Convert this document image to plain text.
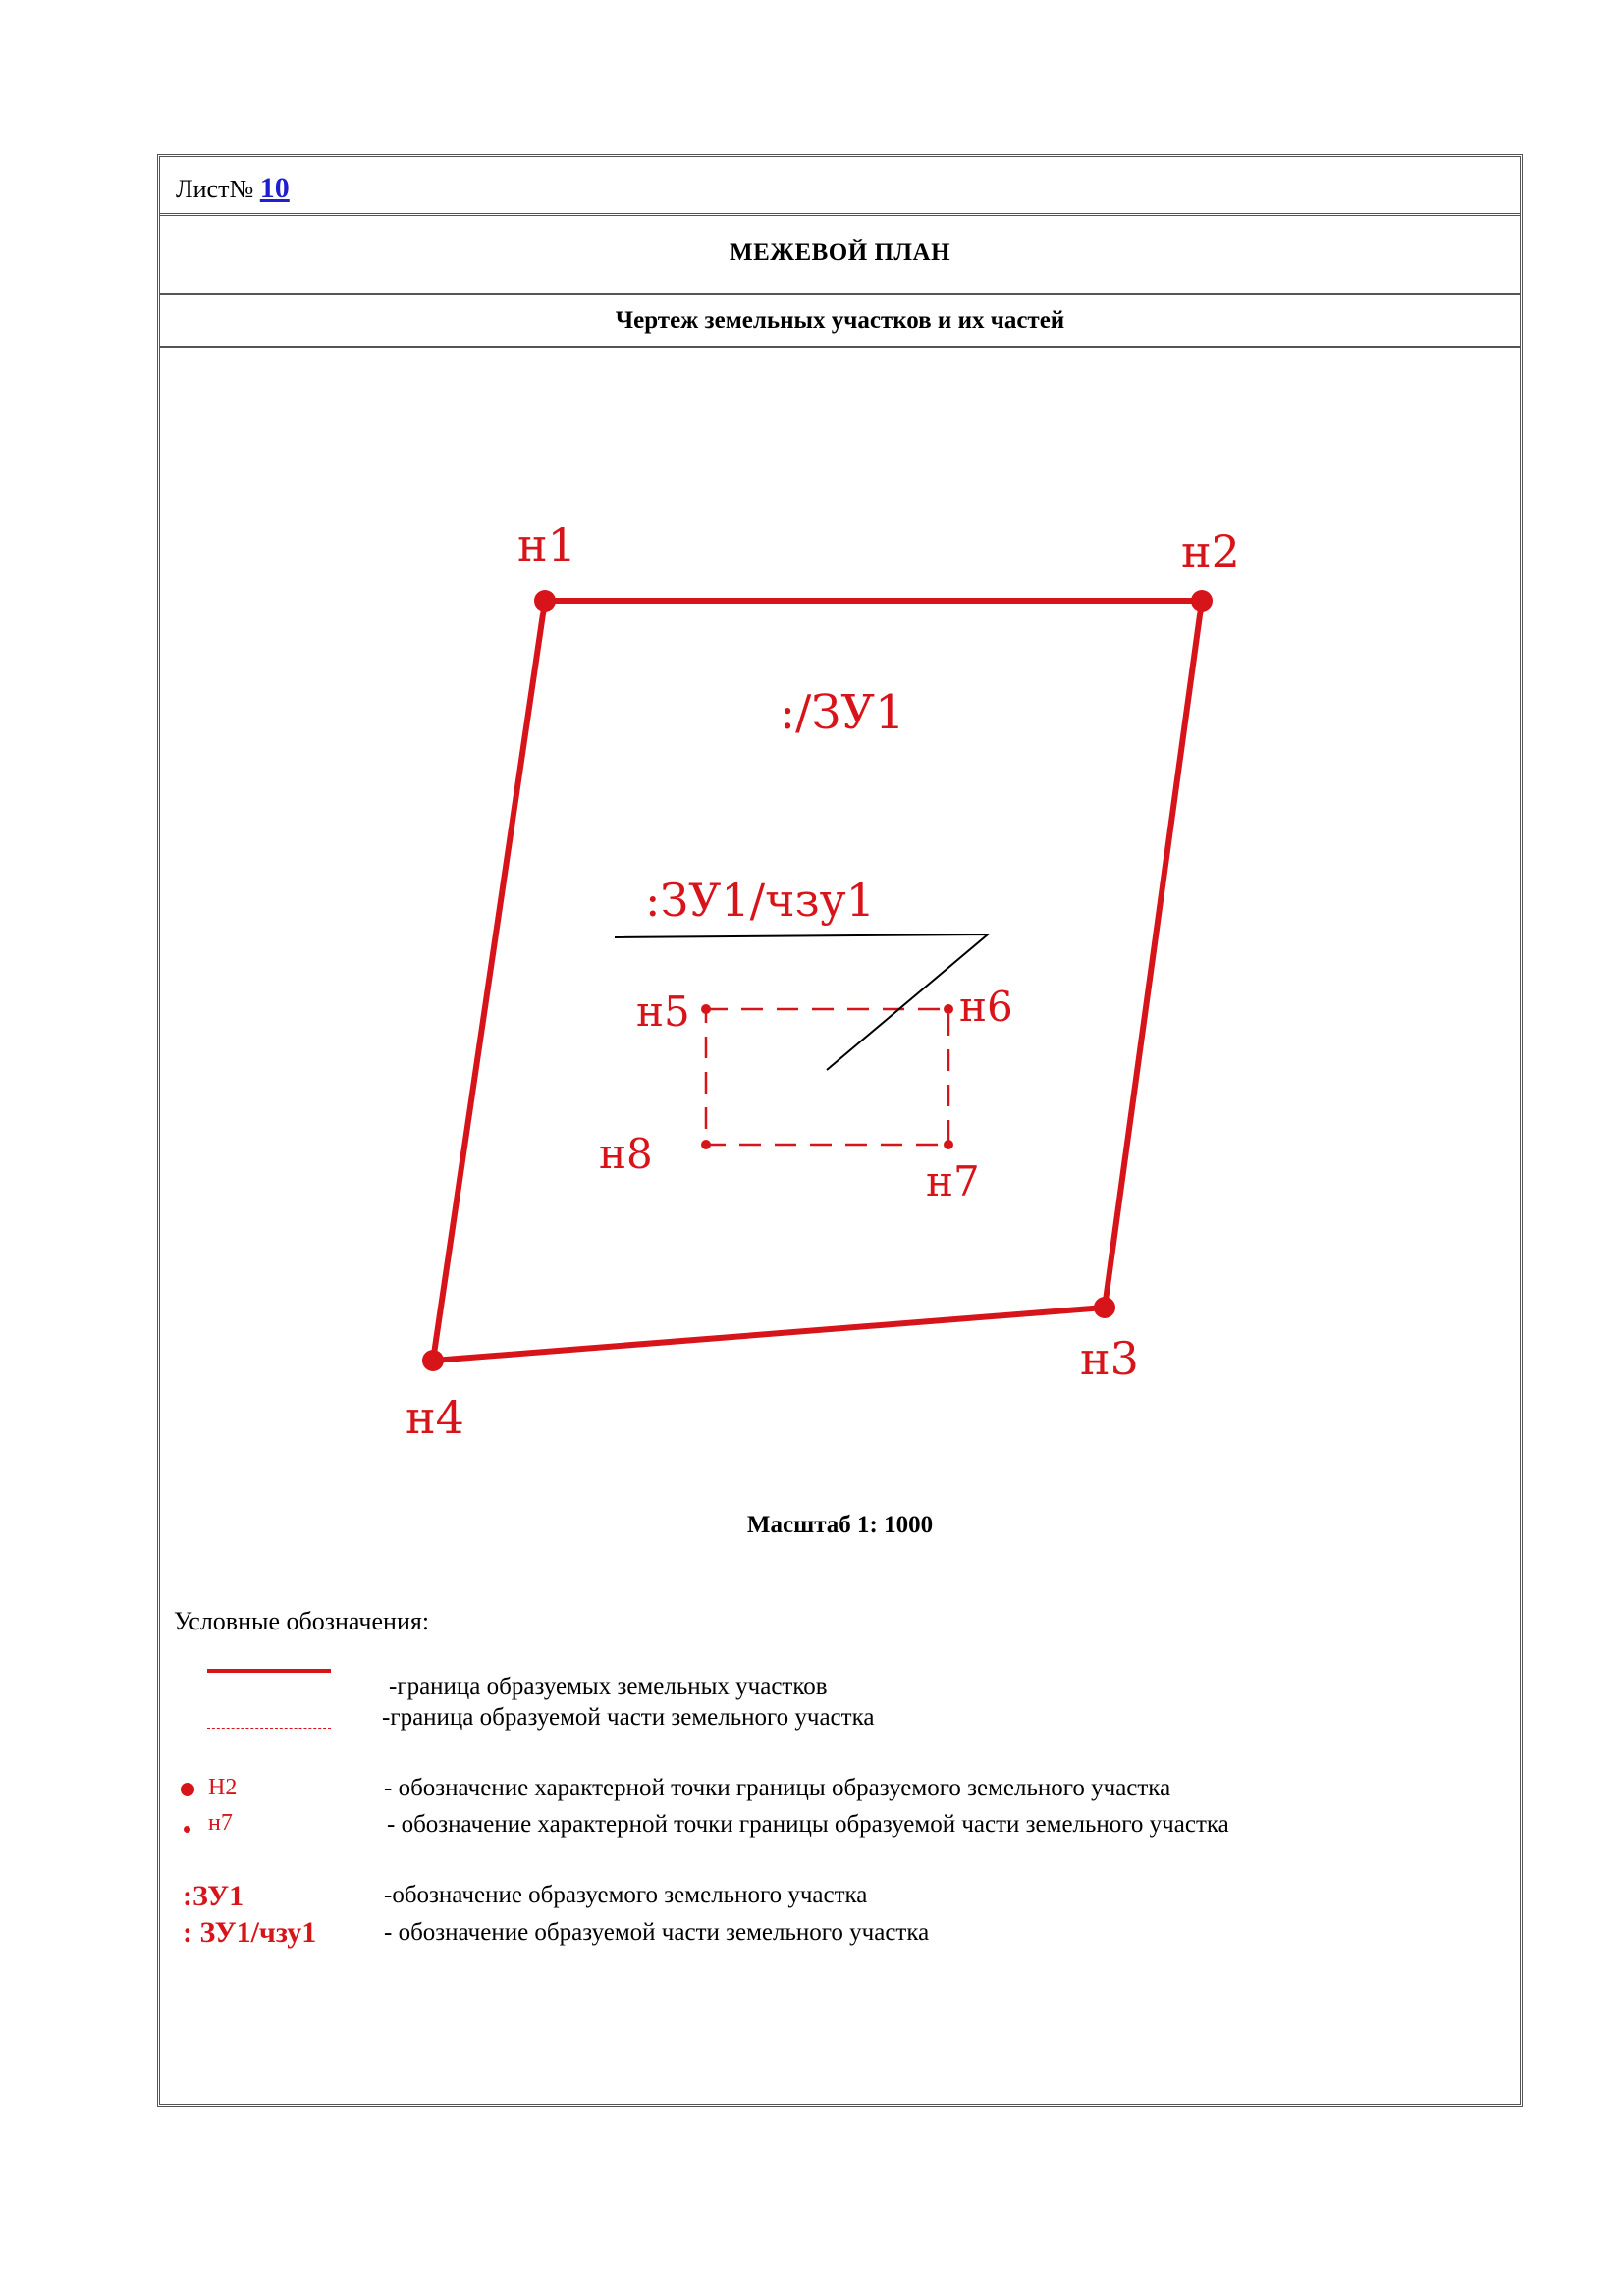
Лист№ 10
МЕЖЕВОЙ ПЛАН
Чертеж земельных участков и их частей
:/ЗУ1
:ЗУ1/чзу1
н1	н2
н3
н4
н5	н6
н7
н8
Масштаб 1: 1000
Условные обозначения:
-граница образуемых земельных участков
-граница образуемой части земельного участка
Н2	- обозначение характерной точки границы образуемого земельного участка
н7	- обозначение характерной точки границы образуемой части земельного участка
:ЗУ1	-обозначение образуемого земельного участка
: ЗУ1/чзу1	- обозначение образуемой части земельного участка
